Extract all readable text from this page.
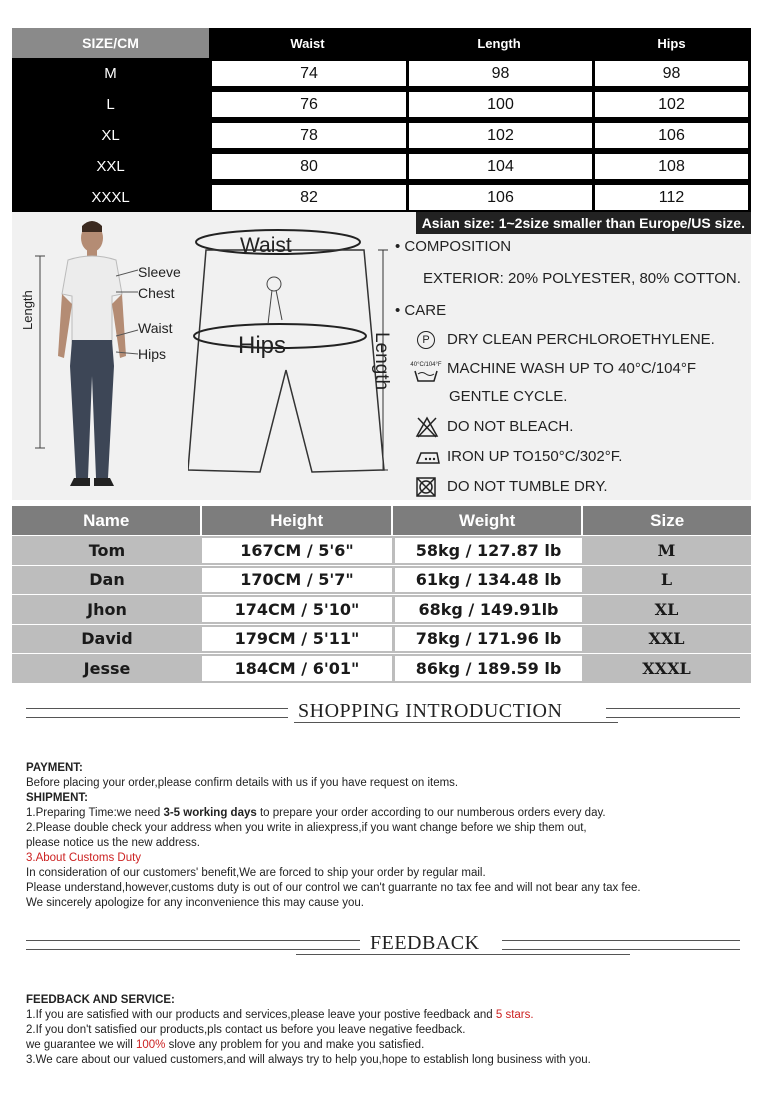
SIZE/CM	Waist	Length	Hips
M	74	98	98
L	76	100	102
XL	78	102	106
XXL	80	104	108
XXXL	82	106	112
Asian size: 1~2size smaller than Europe/US size.
Length
Sleeve
Chest
Waist
Hips
Waist
Hips	Length
• COMPOSITION
EXTERIOR: 20% POLYESTER, 80% COTTON.
• CARE
P	DRY CLEAN PERCHLOROETHYLENE.
40°C/104°F MACHINE WASH UP TO 40°C/104°F
GENTLE CYCLE.
DO NOT BLEACH.
IRON UP TO150°C/302°F.
DO NOT TUMBLE DRY.
Name	Height	Weight	Size
Tom	167CM / 5'6"	58kg / 127.87 lb	M
Dan	170CM / 5'7"	61kg / 134.48 lb	L
Jhon	174CM / 5'10"	68kg / 149.91lb	XL
David	179CM / 5'11"	78kg / 171.96 lb	XXL
Jesse	184CM / 6'01"	86kg / 189.59 lb	XXXL
SHOPPING INTRODUCTION
PAYMENT:
Before placing your order,please confirm details with us if you have request on items.
SHIPMENT:
1.Preparing Time:we need 3-5 working days to prepare your order according to our numberous orders every day.
2.Please double check your address when you write in aliexpress,if you want change before we ship them out,
please notice us the new address.
3.About Customs Duty
In consideration of our customers' benefit,We are forced to ship your order by regular mail.
Please understand,however,customs duty is out of our control we can't guarrante no tax fee and will not bear any tax fee.
We sincerely apologize for any inconvenience this may cause you.
FEEDBACK
FEEDBACK AND SERVICE:
1.If you are satisfied with our products and services,please leave your postive feedback and 5 stars.
2.If you don't satisfied our products,pls contact us before you leave negative feedback.
we guarantee we will 100% slove any problem for you and make you satisfied.
3.We care about our valued customers,and will always try to help you,hope to establish long business with you.
